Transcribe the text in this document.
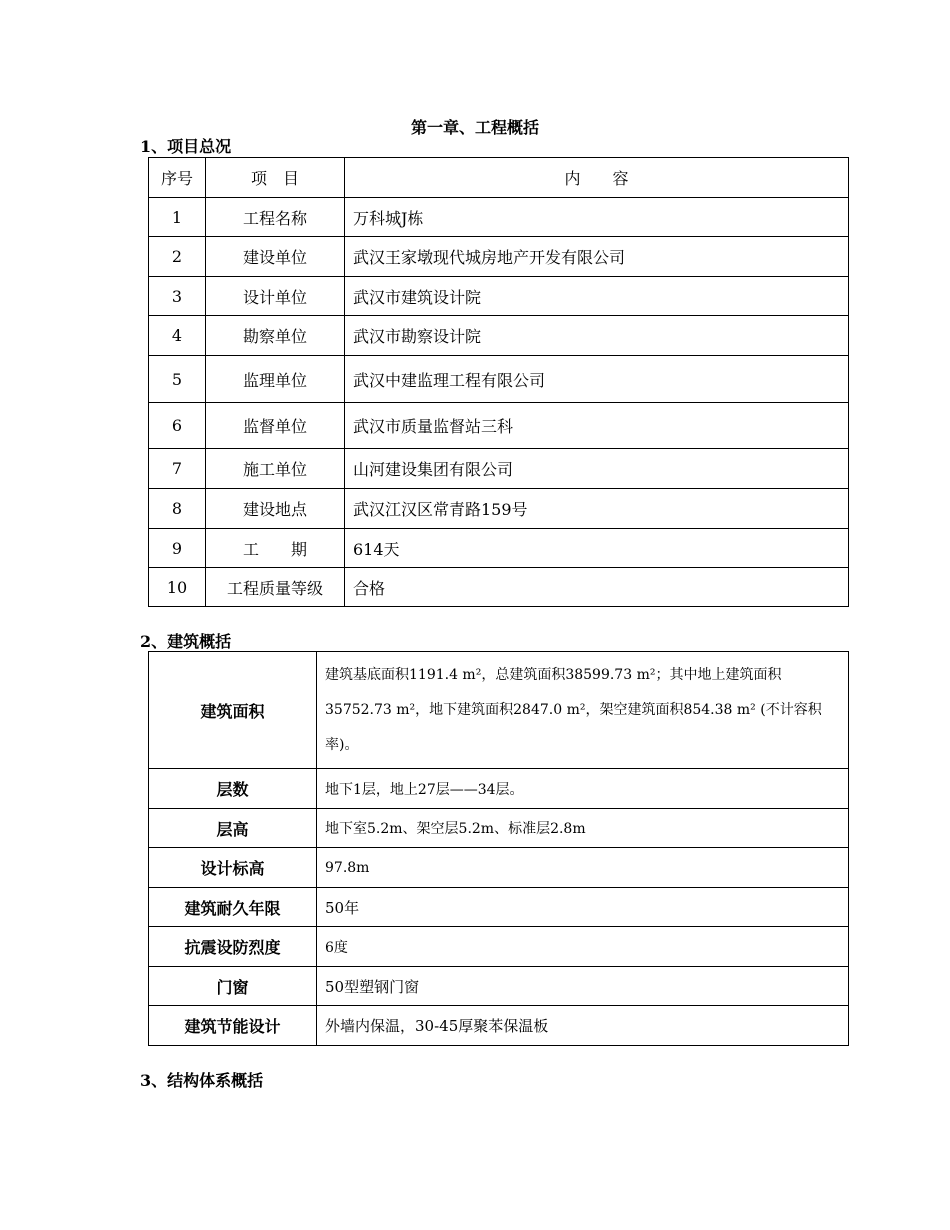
第一章、工程概括
1、项目总况
序号	项　目	内　　容
1	工程名称	万科城J栋
2	建设单位	武汉王家墩现代城房地产开发有限公司
3	设计单位	武汉市建筑设计院
4	勘察单位	武汉市勘察设计院
5	监理单位	武汉中建监理工程有限公司
6	监督单位	武汉市质量监督站三科
7	施工单位	山河建设集团有限公司
8	建设地点	武汉江汉区常青路159号
9	工　　期	614天
10	工程质量等级	合格
2、建筑概括
建筑面积	建筑基底面积1191.4 m²，总建筑面积38599.73 m²；其中地上建筑面积35752.73 m²，地下建筑面积2847.0 m²，架空建筑面积854.38 m² (不计容积率)。
层数	地下1层，地上27层——34层。
层高	地下室5.2m、架空层5.2m、标准层2.8m
设计标高	97.8m
建筑耐久年限	50年
抗震设防烈度	6度
门窗	50型塑钢门窗
建筑节能设计	外墙内保温，30-45厚聚苯保温板
3、结构体系概括
